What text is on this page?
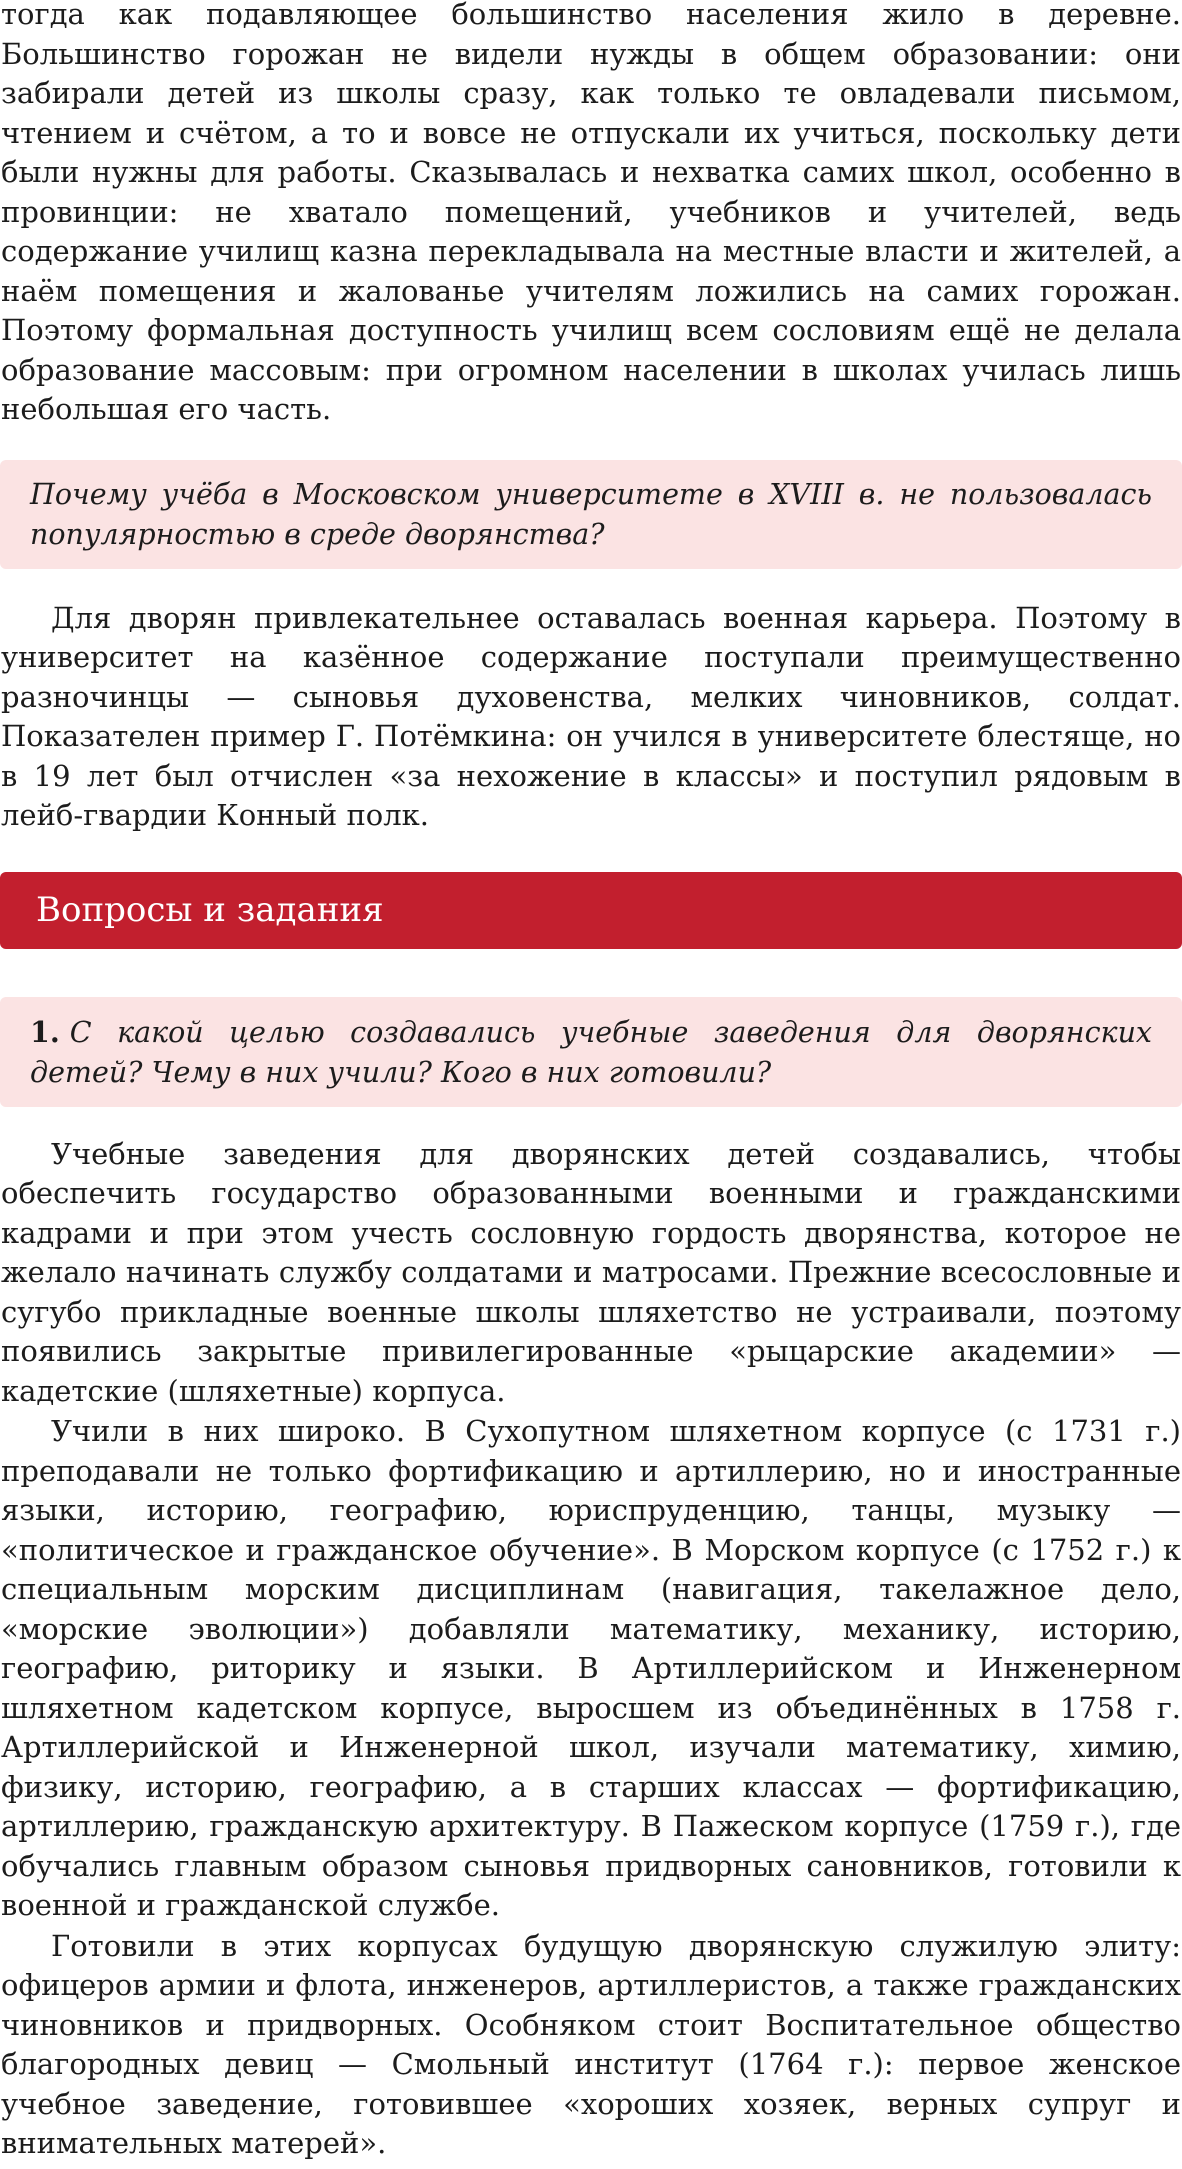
тогда как подавляющее большинство населения жило в деревне. Большинство горожан не видели нужды в общем образовании: они забирали детей из школы сразу, как только те овладевали письмом, чтением и счётом, а то и вовсе не отпускали их учиться, поскольку дети были нужны для работы. Сказывалась и нехватка самих школ, особенно в провинции: не хватало помещений, учебников и учителей, ведь содержание училищ казна перекладывала на местные власти и жителей, а наём помещения и жалованье учителям ложились на самих горожан. Поэтому формальная доступность училищ всем сословиям ещё не делала образование массовым: при огромном населении в школах училась лишь небольшая его часть.

Почему учёба в Московском университете в XVIII в. не пользовалась популярностью в среде дворянства?

Для дворян привлекательнее оставалась военная карьера. Поэтому в университет на казённое содержание поступали преимущественно разночинцы — сыновья духовенства, мелких чиновников, солдат. Показателен пример Г. Потёмкина: он учился в университете блестяще, но в 19 лет был отчислен «за нехожение в классы» и поступил рядовым в лейб-гвардии Конный полк.

Вопросы и задания

1. С какой целью создавались учебные заведения для дворянских детей? Чему в них учили? Кого в них готовили?

Учебные заведения для дворянских детей создавались, чтобы обеспечить государство образованными военными и гражданскими кадрами и при этом учесть сословную гордость дворянства, которое не желало начинать службу солдатами и матросами. Прежние всесословные и сугубо прикладные военные школы шляхетство не устраивали, поэтому появились закрытые привилегированные «рыцарские академии» — кадетские (шляхетные) корпуса.

Учили в них широко. В Сухопутном шляхетном корпусе (с 1731 г.) преподавали не только фортификацию и артиллерию, но и иностранные языки, историю, географию, юриспруденцию, танцы, музыку — «политическое и гражданское обучение». В Морском корпусе (с 1752 г.) к специальным морским дисциплинам (навигация, такелажное дело, «морские эволюции») добавляли математику, механику, историю, географию, риторику и языки. В Артиллерийском и Инженерном шляхетном кадетском корпусе, выросшем из объединённых в 1758 г. Артиллерийской и Инженерной школ, изучали математику, химию, физику, историю, географию, а в старших классах — фортификацию, артиллерию, гражданскую архитектуру. В Пажеском корпусе (1759 г.), где обучались главным образом сыновья придворных сановников, готовили к военной и гражданской службе.

Готовили в этих корпусах будущую дворянскую служилую элиту: офицеров армии и флота, инженеров, артиллеристов, а также гражданских чиновников и придворных. Особняком стоит Воспитательное общество благородных девиц — Смольный институт (1764 г.): первое женское учебное заведение, готовившее «хороших хозяек, верных супруг и внимательных матерей».
